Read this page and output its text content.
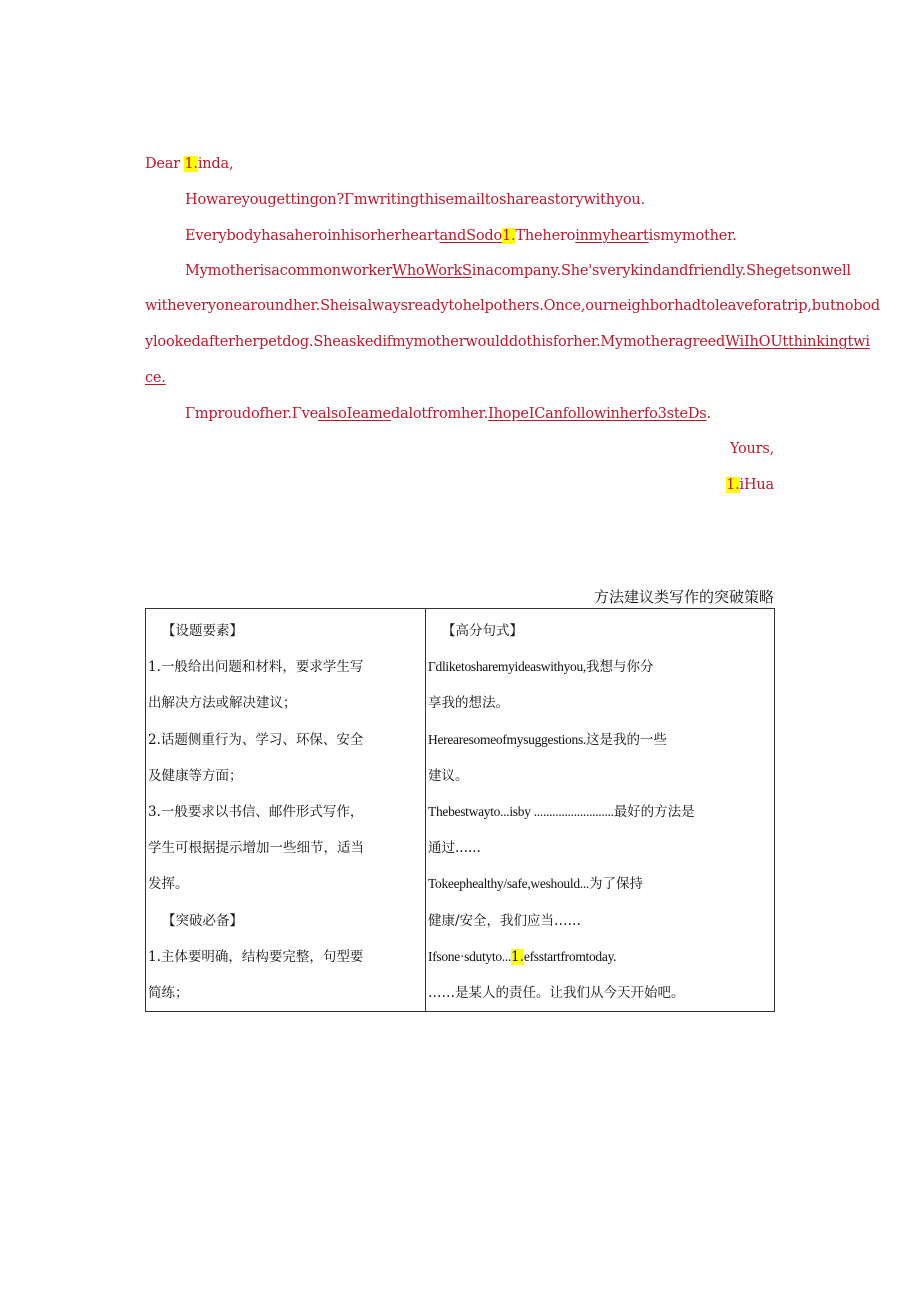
Dear 1.inda,
Howareyougettingon?Γmwritingthisemailtoshareastorywithyou.
EverybodyhasaheroinhisorherheartandSodo1.Theheroinmyheartismymother.
MymotherisacommonworkerWhoWorkSinacompany.She'sverykindandfriendly.Shegetsonwell
witheveryonearoundher.Sheisalwaysreadytohelpothers.Once,ourneighborhadtoleaveforatrip,butnobod
ylookedafterherpetdog.Sheaskedifmymotherwoulddothisforher.MymotheragreedWiIhOUtthinkingtwi
ce.
Γmproudofher.ΓvealsoIeamedalotfromher.IhopeICanfollowinherfo3steDs.
Yours,
1.iHua
方法建议类写作的突破策略
【设题要素】
1.一般给出问题和材料，要求学生写
出解决方法或解决建议；
2.话题侧重行为、学习、环保、安全
及健康等方面；
3.一般要求以书信、邮件形式写作，
学生可根据提示增加一些细节，适当
发挥。
【突破必备】
1.主体要明确，结构要完整，句型要
简练；

【高分句式】
Γdliketosharemyideaswithyou,我想与你分
享我的想法。
Herearesomeofmysuggestions.这是我的一些
建议。
Thebestwayto...isby ..........................最好的方法是
通过......
Tokeephealthy/safe,weshould...为了保持
健康/安全，我们应当……
Ifsone·sdutyto...1.efsstartfromtoday.
……是某人的责任。让我们从今天开始吧。
